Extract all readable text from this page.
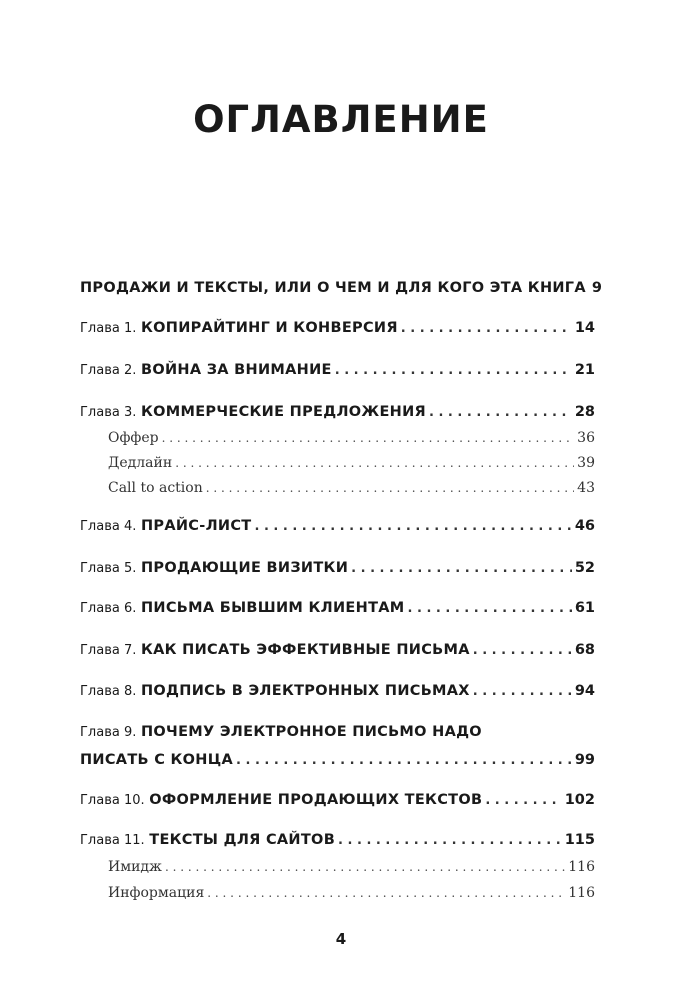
ОГЛАВЛЕНИЕ
ПРОДАЖИ И ТЕКСТЫ, ИЛИ О ЧЕМ И ДЛЯ КОГО ЭТА КНИГА 9
Глава 1. КОПИРАЙТИНГ И КОНВЕРСИЯ . . .	14
Глава 2. ВОЙНА ЗА ВНИМАНИЕ . . .	21
Глава 3. КОММЕРЧЕСКИЕ ПРЕДЛОЖЕНИЯ . . .	28
Оффер . . .	36
Дедлайн . . .	39
Call to action . . .	43
Глава 4. ПРАЙС-ЛИСТ . . .	46
Глава 5. ПРОДАЮЩИЕ ВИЗИТКИ . . .	52
Глава 6. ПИСЬМА БЫВШИМ КЛИЕНТАМ . . .	61
Глава 7. КАК ПИСАТЬ ЭФФЕКТИВНЫЕ ПИСЬМА . . .	68
Глава 8. ПОДПИСЬ В ЭЛЕКТРОННЫХ ПИСЬМАХ . . .	94
Глава 9. ПОЧЕМУ ЭЛЕКТРОННОЕ ПИСЬМО НАДО
ПИСАТЬ С КОНЦА . . .	99
Глава 10. ОФОРМЛЕНИЕ ПРОДАЮЩИХ ТЕКСТОВ . . .	102
Глава 11. ТЕКСТЫ ДЛЯ САЙТОВ . . .	115
Имидж . . .	116
Информация . . .	116
4
